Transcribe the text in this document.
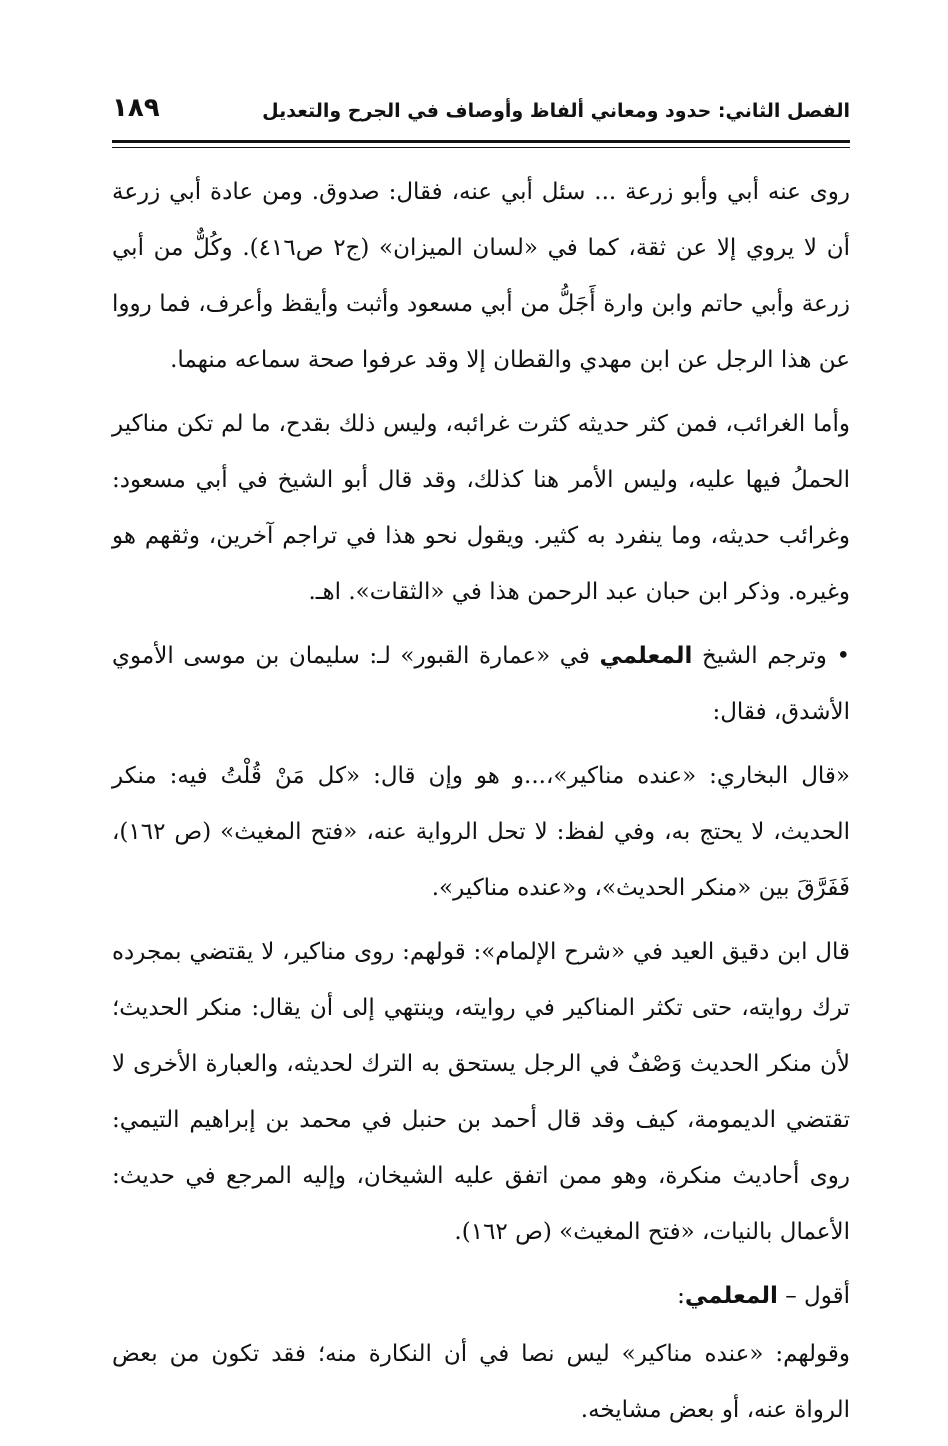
الفصل الثاني: حدود ومعاني ألفاظ وأوصاف في الجرح والتعديل
١٨٩

روى عنه أبي وأبو زرعة ... سئل أبي عنه، فقال: صدوق. ومن عادة أبي زرعة أن لا يروي إلا عن ثقة، كما في «لسان الميزان» (ج٢ ص٤١٦). وكُلٌّ من أبي زرعة وأبي حاتم وابن وارة أَجَلُّ من أبي مسعود وأثبت وأيقظ وأعرف، فما رووا عن هذا الرجل عن ابن مهدي والقطان إلا وقد عرفوا صحة سماعه منهما.

وأما الغرائب، فمن كثر حديثه كثرت غرائبه، وليس ذلك بقدح، ما لم تكن مناكير الحملُ فيها عليه، وليس الأمر هنا كذلك، وقد قال أبو الشيخ في أبي مسعود: وغرائب حديثه، وما ينفرد به كثير. ويقول نحو هذا في تراجم آخرين، وثقهم هو وغيره. وذكر ابن حبان عبد الرحمن هذا في «الثقات». اهـ.

• وترجم الشيخ المعلمي في «عمارة القبور» لـ: سليمان بن موسى الأموي الأشدق، فقال:

«قال البخاري: «عنده مناكير»،...و هو وإن قال: «كل مَنْ قُلْتُ فيه: منكر الحديث، لا يحتج به، وفي لفظ: لا تحل الرواية عنه، «فتح المغيث» (ص ١٦٢)، فَفَرَّقَ بين «منكر الحديث»، و«عنده مناكير».

قال ابن دقيق العيد في «شرح الإلمام»: قولهم: روى مناكير، لا يقتضي بمجرده ترك روايته، حتى تكثر المناكير في روايته، وينتهي إلى أن يقال: منكر الحديث؛ لأن منكر الحديث وَصْفٌ في الرجل يستحق به الترك لحديثه، والعبارة الأخرى لا تقتضي الديمومة، كيف وقد قال أحمد بن حنبل في محمد بن إبراهيم التيمي: روى أحاديث منكرة، وهو ممن اتفق عليه الشيخان، وإليه المرجع في حديث: الأعمال بالنيات، «فتح المغيث» (ص ١٦٢).

أقول – المعلمي:

وقولهم: «عنده مناكير» ليس نصا في أن النكارة منه؛ فقد تكون من بعض الرواة عنه، أو بعض مشايخه.
